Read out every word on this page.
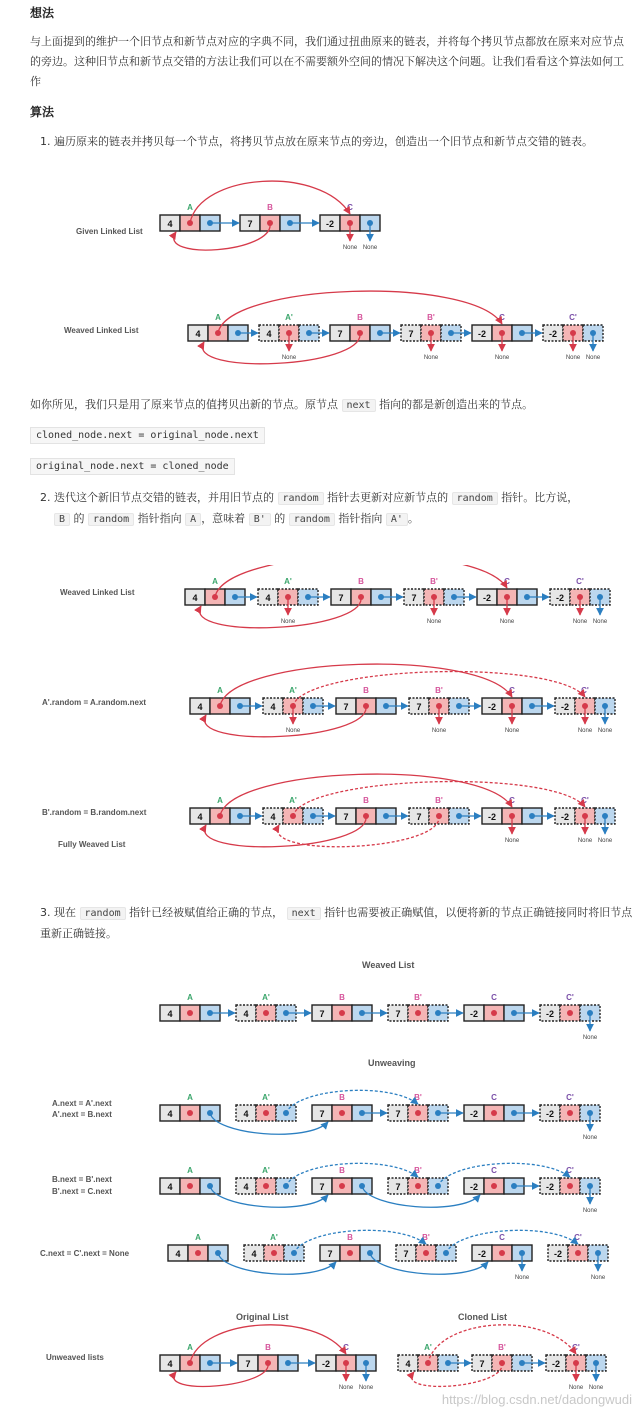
想法

与上面提到的维护一个旧节点和新节点对应的字典不同，我们通过扭曲原来的链表，并将每个拷贝节点都放在原来对应节点的旁边。这种旧节点和新节点交错的方法让我们可以在不需要额外空间的情况下解决这个问题。让我们看看这个算法如何工作

算法

1. 遍历原来的链表并拷贝每一个节点，将拷贝节点放在原来节点的旁边，创造出一个旧节点和新节点交错的链表。

如你所见，我们只是用了原来节点的值拷贝出新的节点。原节点 next 指向的都是新创造出来的节点。

cloned_node.next = original_node.next
original_node.next = cloned_node

2. 迭代这个新旧节点交错的链表，并用旧节点的 random 指针去更新对应新节点的 random 指针。比方说，
B 的 random 指针指向 A ，意味着 B' 的 random 指针指向 A' 。

3. 现在 random 指针已经被赋值给正确的节点， next 指针也需要被正确赋值，以便将新的节点正确链接同时将旧节点重新正确链接。

Given Linked List
Weaved Linked List
4
A
7
B
-2
C
None None
4
A
4
A'
7
B
7
B'
-2
C
-2
C'
None	None	None None
None
Weaved Linked List
A'.random = A.random.next
B'.random = B.random.next
Fully Weaved List
4
A
4
A'
7
B
7
B'
-2
C
-2
C'
None	None	None	None
None
4
A
4
A'
7
B
7
B'
-2
C
-2
C'
None	None	None	None
None
4
A
4
A'
7
B
7
B'
-2
C
-2
C'
None	None
None
Weaved List
Unweaving
A.next = A'.next
A'.next = B.next
B.next = B'.next
B'.next = C.next
C.next = C'.next = None
Original List	Cloned List
Unweaved lists
4
A
4
A'
7
B
7
B'
-2
C
-2
C'
None
4
A
4
A'
7
B
7
B'
-2
C
-2
C'
None
4
A
4
A'
7
B
7
B'
-2
C
-2
C'
None
4
A
4
A'
7
B
7
B'
-2
C
-2
C'
None
None
4
A
7
B
-2
C
None None
4
A'
7
B'
-2
C'
None None
https://blog.csdn.net/dadongwudi
